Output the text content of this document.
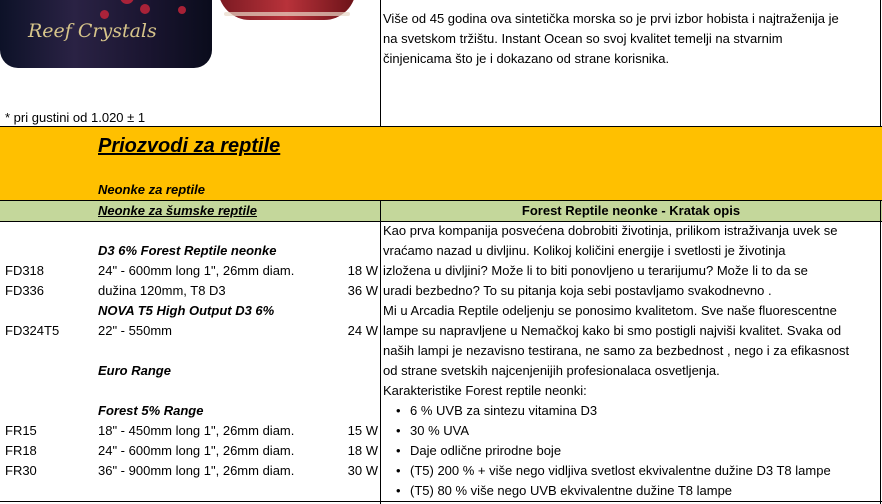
Reef Crystals
Više od 45 godina ova sintetička morska so je prvi izbor hobista i najtraženija je
na svetskom tržištu. Instant Ocean so svoj kvalitet temelji na stvarnim
činjenicama što je i dokazano od strane korisnika.
* pri gustini od 1.020 ± 1
Priozvodi za reptile
Neonke za reptile
Neonke za šumske reptile	Forest Reptile neonke - Kratak opis
D3 6% Forest Reptile neonke
FD318	24" - 600mm long 1", 26mm diam.	18 W
FD336	dužina 120mm, T8 D3	36 W
NOVA T5 High Output D3 6%
FD324T5	22" - 550mm	24 W
Euro Range
Forest 5% Range
FR15	18" - 450mm long 1", 26mm diam.	15 W
FR18	24" - 600mm long 1", 26mm diam.	18 W
FR30	36" - 900mm long 1", 26mm diam.	30 W
Kao prva kompanija posvećena dobrobiti životinja, prilikom istraživanja uvek se
vraćamo nazad u divljinu. Kolikoj količini energije i svetlosti je životinja
izložena u divljini? Može li to biti ponovljeno u terarijumu? Može li to da se
uradi bezbedno? To su pitanja koja sebi postavljamo svakodnevno .
Mi u Arcadia Reptile odeljenju se ponosimo kvalitetom. Sve naše fluorescentne
lampe su napravljene u Nemačkoj kako bi smo postigli najviši kvalitet. Svaka od
naših lampi je nezavisno testirana, ne samo za bezbednost , nego i za efikasnost
od strane svetskih najcenjenijih profesionalaca osvetljenja.
Karakteristike Forest reptile neonki:
• 6 % UVB za sintezu vitamina D3
• 30 % UVA
• Daje odlične prirodne boje
• (T5) 200 % + više nego vidljiva svetlost ekvivalentne dužine D3 T8 lampe
• (T5) 80 % više nego UVB ekvivalentne dužine T8 lampe
